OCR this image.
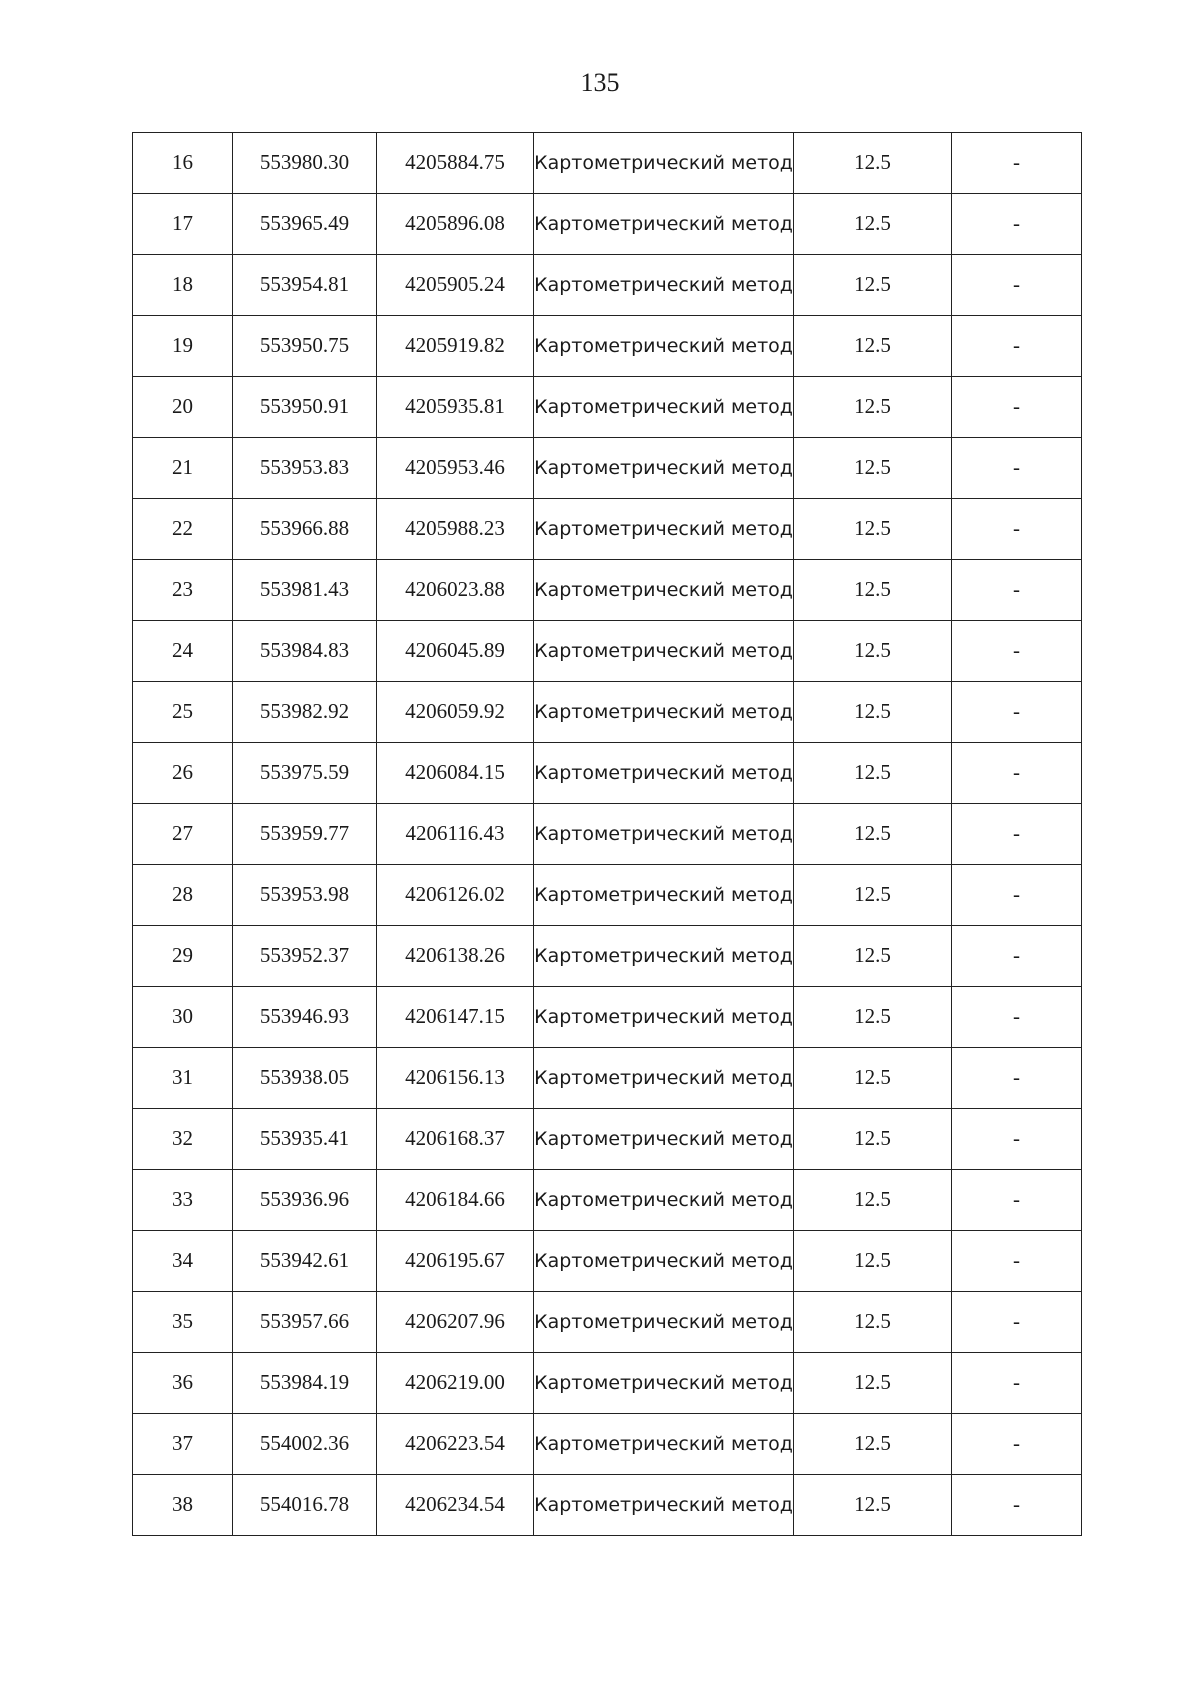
135
16	553980.30	4205884.75	Картометрический метод	12.5	-
17	553965.49	4205896.08	Картометрический метод	12.5	-
18	553954.81	4205905.24	Картометрический метод	12.5	-
19	553950.75	4205919.82	Картометрический метод	12.5	-
20	553950.91	4205935.81	Картометрический метод	12.5	-
21	553953.83	4205953.46	Картометрический метод	12.5	-
22	553966.88	4205988.23	Картометрический метод	12.5	-
23	553981.43	4206023.88	Картометрический метод	12.5	-
24	553984.83	4206045.89	Картометрический метод	12.5	-
25	553982.92	4206059.92	Картометрический метод	12.5	-
26	553975.59	4206084.15	Картометрический метод	12.5	-
27	553959.77	4206116.43	Картометрический метод	12.5	-
28	553953.98	4206126.02	Картометрический метод	12.5	-
29	553952.37	4206138.26	Картометрический метод	12.5	-
30	553946.93	4206147.15	Картометрический метод	12.5	-
31	553938.05	4206156.13	Картометрический метод	12.5	-
32	553935.41	4206168.37	Картометрический метод	12.5	-
33	553936.96	4206184.66	Картометрический метод	12.5	-
34	553942.61	4206195.67	Картометрический метод	12.5	-
35	553957.66	4206207.96	Картометрический метод	12.5	-
36	553984.19	4206219.00	Картометрический метод	12.5	-
37	554002.36	4206223.54	Картометрический метод	12.5	-
38	554016.78	4206234.54	Картометрический метод	12.5	-
